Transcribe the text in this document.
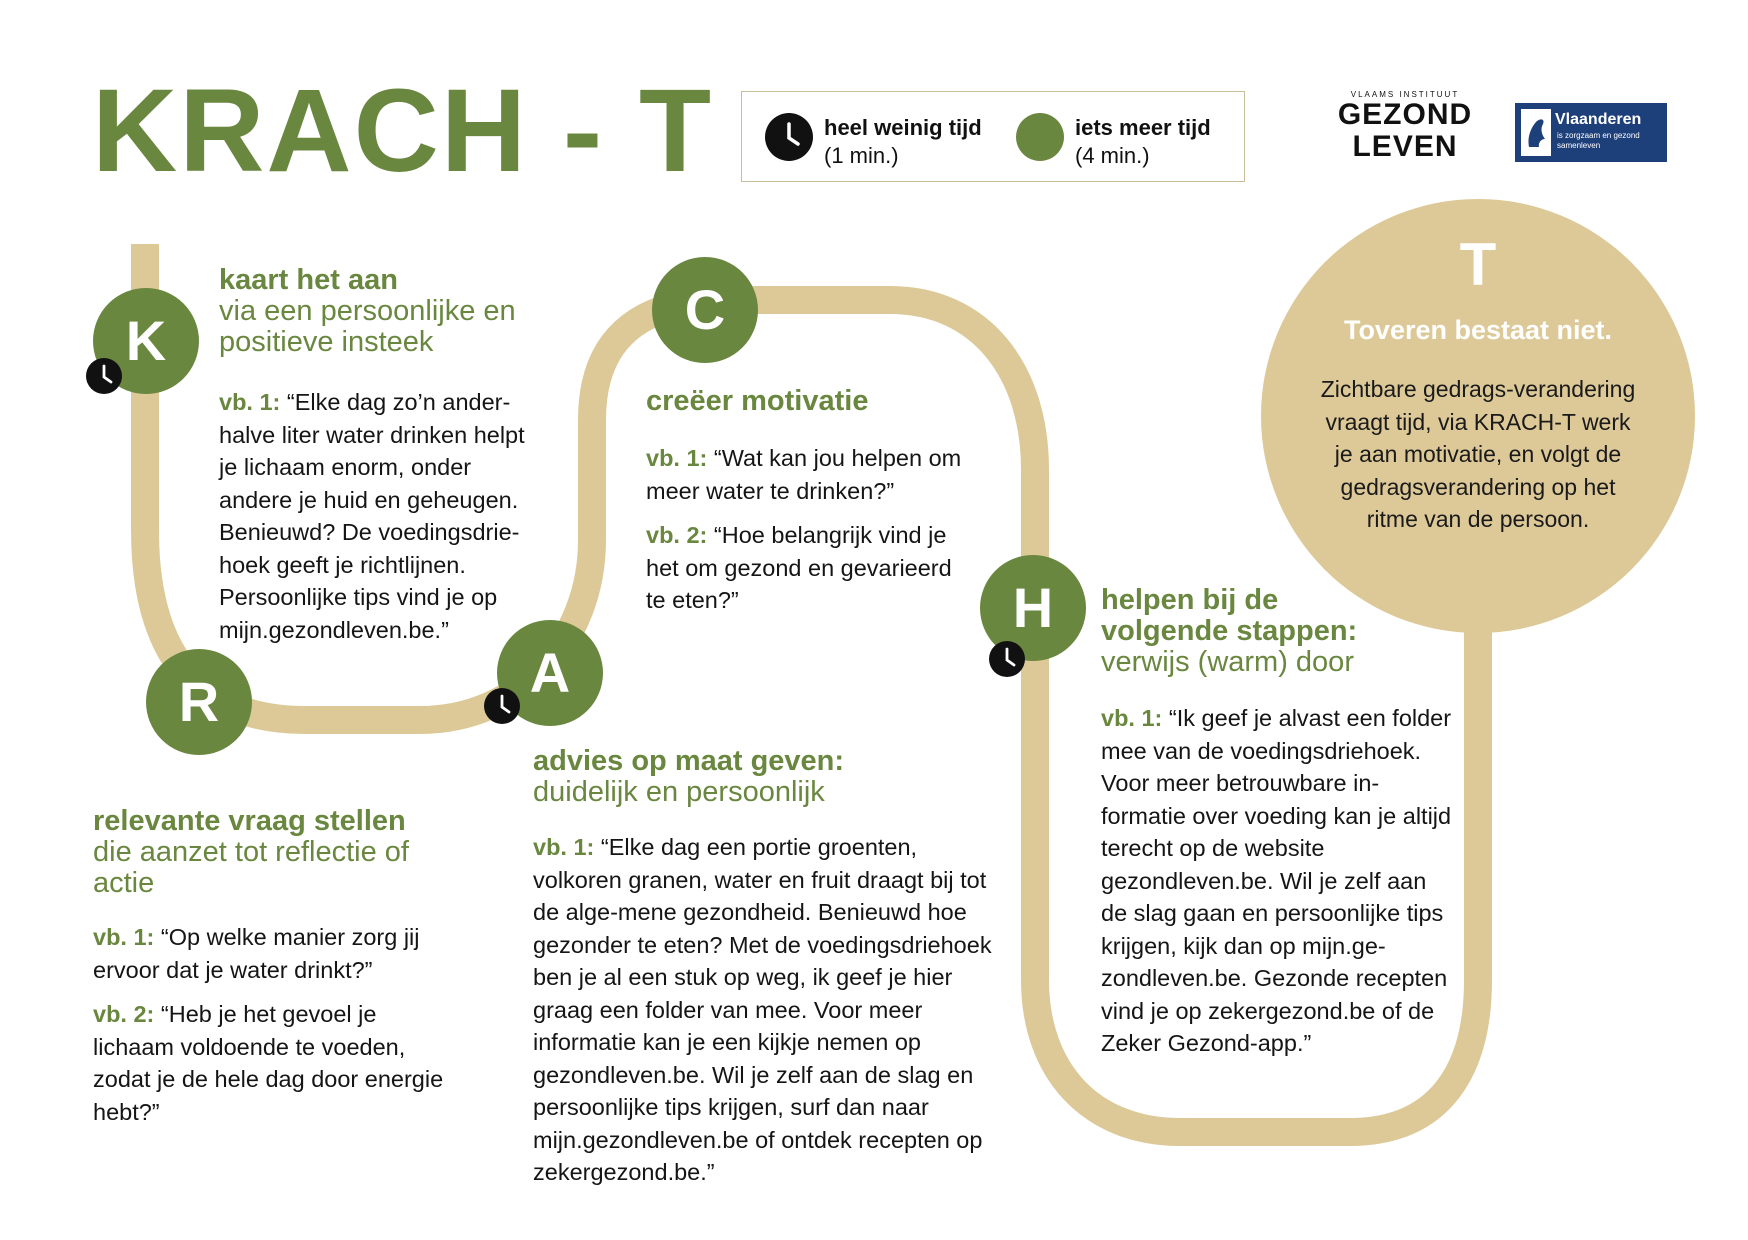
KRACH - T	heel weinig tijd
(1 min.)
iets meer tijd
(4 min.)
VLAAMS INSTITUUT
GEZOND
LEVEN
Vlaanderen
is zorgzaam en gezond samenleven
K
kaart het aan
via een persoonlijke en positieve insteek

vb. 1: “Elke dag zo’n ander-halve liter water drinken helpt je lichaam enorm, onder andere je huid en geheugen. Benieuwd? De voedingsdrie-hoek geeft je richtlijnen. Persoonlijke tips vind je op mijn.gezondleven.be.”

R
relevante vraag stellen
die aanzet tot reflectie of actie

vb. 1: “Op welke manier zorg jij ervoor dat je water drinkt?”

vb. 2: “Heb je het gevoel je lichaam voldoende te voeden, zodat je de hele dag door energie hebt?”

A
advies op maat geven:
duidelijk en persoonlijk

vb. 1: “Elke dag een portie groenten, volkoren granen, water en fruit draagt bij tot de alge-mene gezondheid. Benieuwd hoe gezonder te eten? Met de voedingsdriehoek ben je al een stuk op weg, ik geef je hier graag een folder van mee. Voor meer informatie kan je een kijkje nemen op gezondleven.be. Wil je zelf aan de slag en persoonlijke tips krijgen, surf dan naar mijn.gezondleven.be of ontdek recepten op zekergezond.be.”

C
creëer motivatie

vb. 1: “Wat kan jou helpen om meer water te drinken?”

vb. 2: “Hoe belangrijk vind je het om gezond en gevarieerd te eten?”	H	helpen bij de
volgende stappen:
verwijs (warm) door

vb. 1: “Ik geef je alvast een folder mee van de voedingsdriehoek. Voor meer betrouwbare in-formatie over voeding kan je altijd terecht op de website gezondleven.be. Wil je zelf aan de slag gaan en persoonlijke tips krijgen, kijk dan op mijn.ge-zondleven.be. Gezonde recepten vind je op zekergezond.be of de Zeker Gezond-app.”

T
Toveren bestaat niet.
Zichtbare gedrags-verandering vraagt tijd, via KRACH-T werk je aan motivatie, en volgt de gedragsverandering op het ritme van de persoon.
